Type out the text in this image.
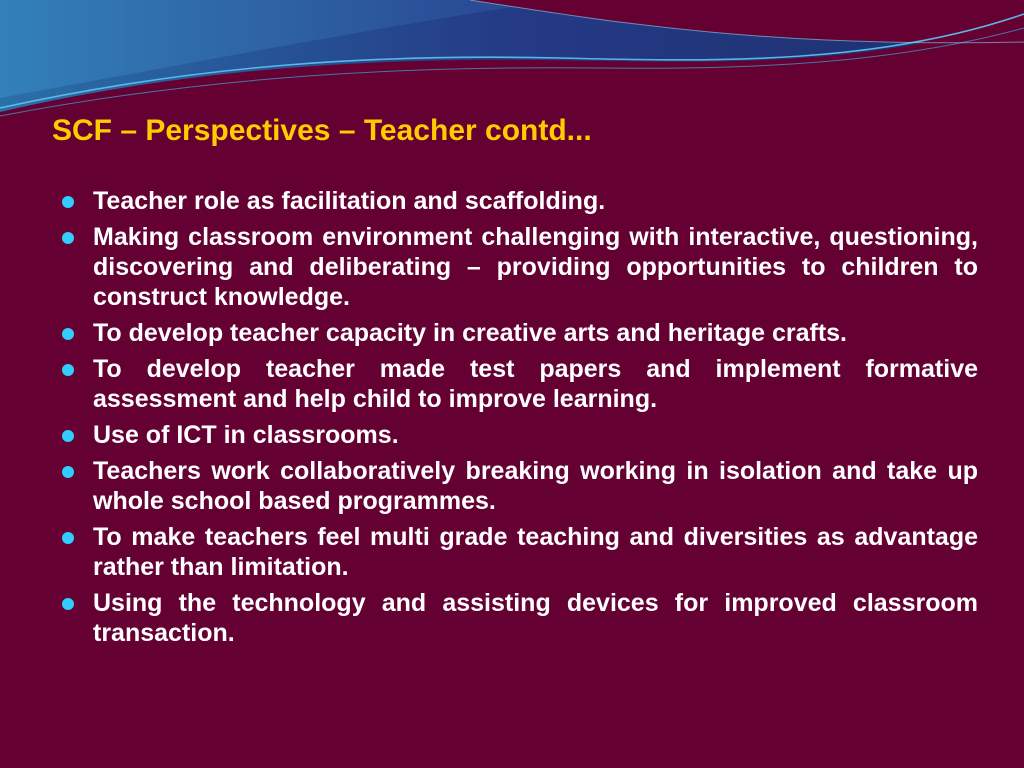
SCF – Perspectives – Teacher contd...
Teacher role as facilitation and scaffolding.
Making classroom environment challenging with interactive, questioning, discovering and deliberating – providing opportunities to children to construct knowledge.
To develop teacher capacity in creative arts and heritage crafts.
To develop teacher made test papers and implement formative assessment and help child to improve learning.
Use of ICT in classrooms.
Teachers work collaboratively breaking working in isolation and take up whole school based programmes.
To make teachers feel multi grade teaching and diversities as advantage rather than limitation.
Using the technology and assisting devices for improved classroom transaction.
